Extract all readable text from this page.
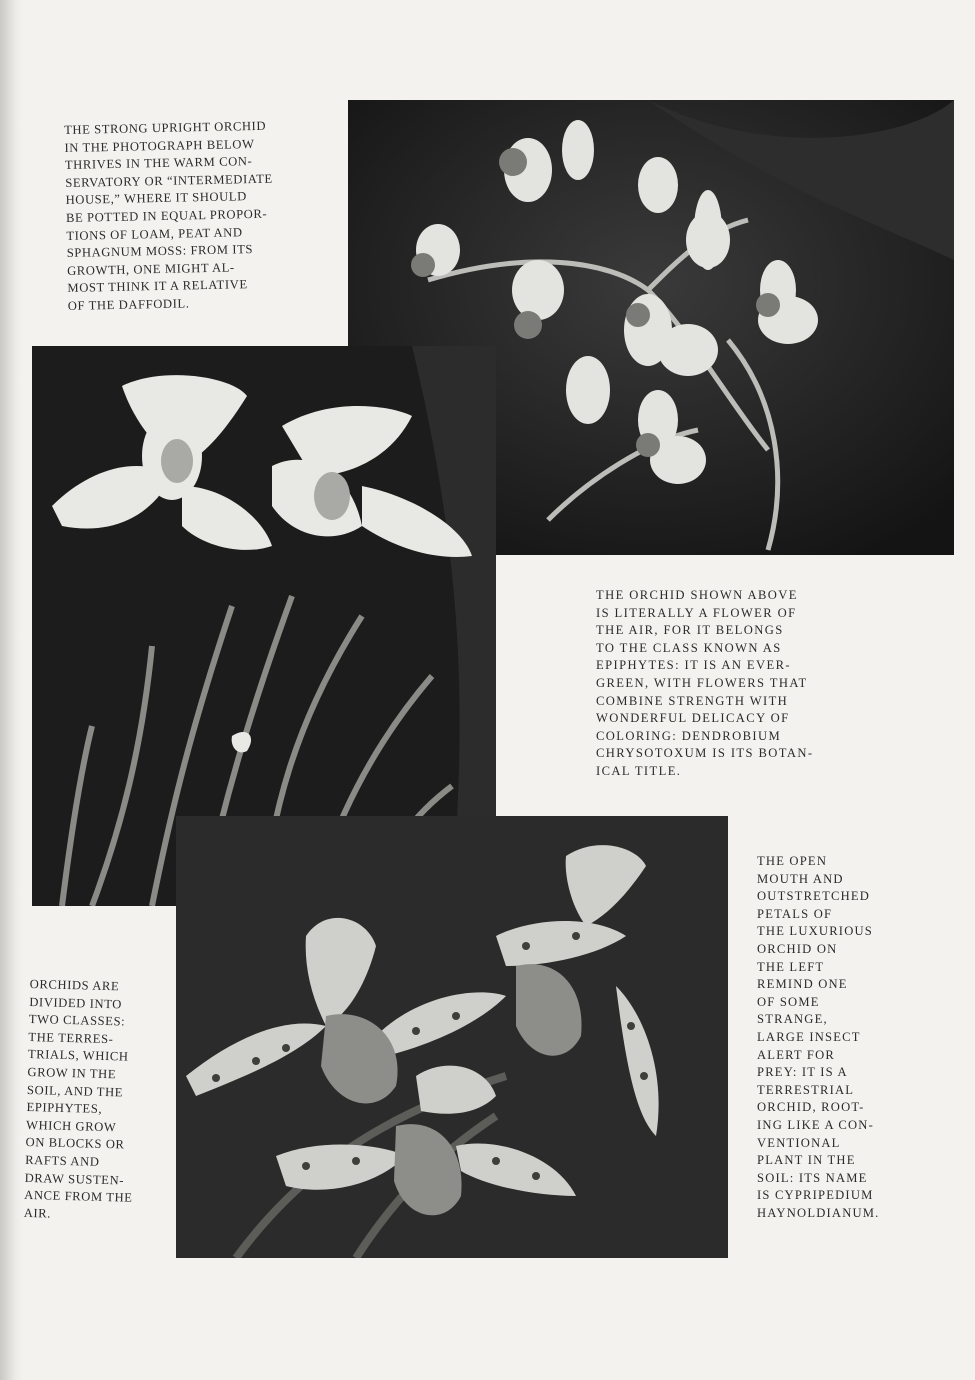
THE STRONG UPRIGHT ORCHID
IN THE PHOTOGRAPH BELOW
THRIVES IN THE WARM CON-
SERVATORY OR “INTERMEDIATE
HOUSE,” WHERE IT SHOULD
BE POTTED IN EQUAL PROPOR-
TIONS OF LOAM, PEAT AND
SPHAGNUM MOSS: FROM ITS
GROWTH, ONE MIGHT AL-
MOST THINK IT A RELATIVE
OF THE DAFFODIL.

THE ORCHID SHOWN ABOVE
IS LITERALLY A FLOWER OF
THE AIR, FOR IT BELONGS
TO THE CLASS KNOWN AS
EPIPHYTES: IT IS AN EVER-
GREEN, WITH FLOWERS THAT
COMBINE STRENGTH WITH
WONDERFUL DELICACY OF
COLORING: DENDROBIUM
CHRYSOTOXUM IS ITS BOTAN-
ICAL TITLE.

THE OPEN
MOUTH AND
OUTSTRETCHED
PETALS OF
THE LUXURIOUS
ORCHID ON
THE LEFT
REMIND ONE
OF SOME
STRANGE,
LARGE INSECT
ALERT FOR
PREY: IT IS A
TERRESTRIAL
ORCHID, ROOT-
ING LIKE A CON-
VENTIONAL
PLANT IN THE
SOIL: ITS NAME
IS CYPRIPEDIUM
HAYNOLDIANUM.

ORCHIDS ARE
DIVIDED INTO
TWO CLASSES:
THE TERRES-
TRIALS, WHICH
GROW IN THE
SOIL, AND THE
EPIPHYTES,
WHICH GROW
ON BLOCKS OR
RAFTS AND
DRAW SUSTEN-
ANCE FROM THE
AIR.
